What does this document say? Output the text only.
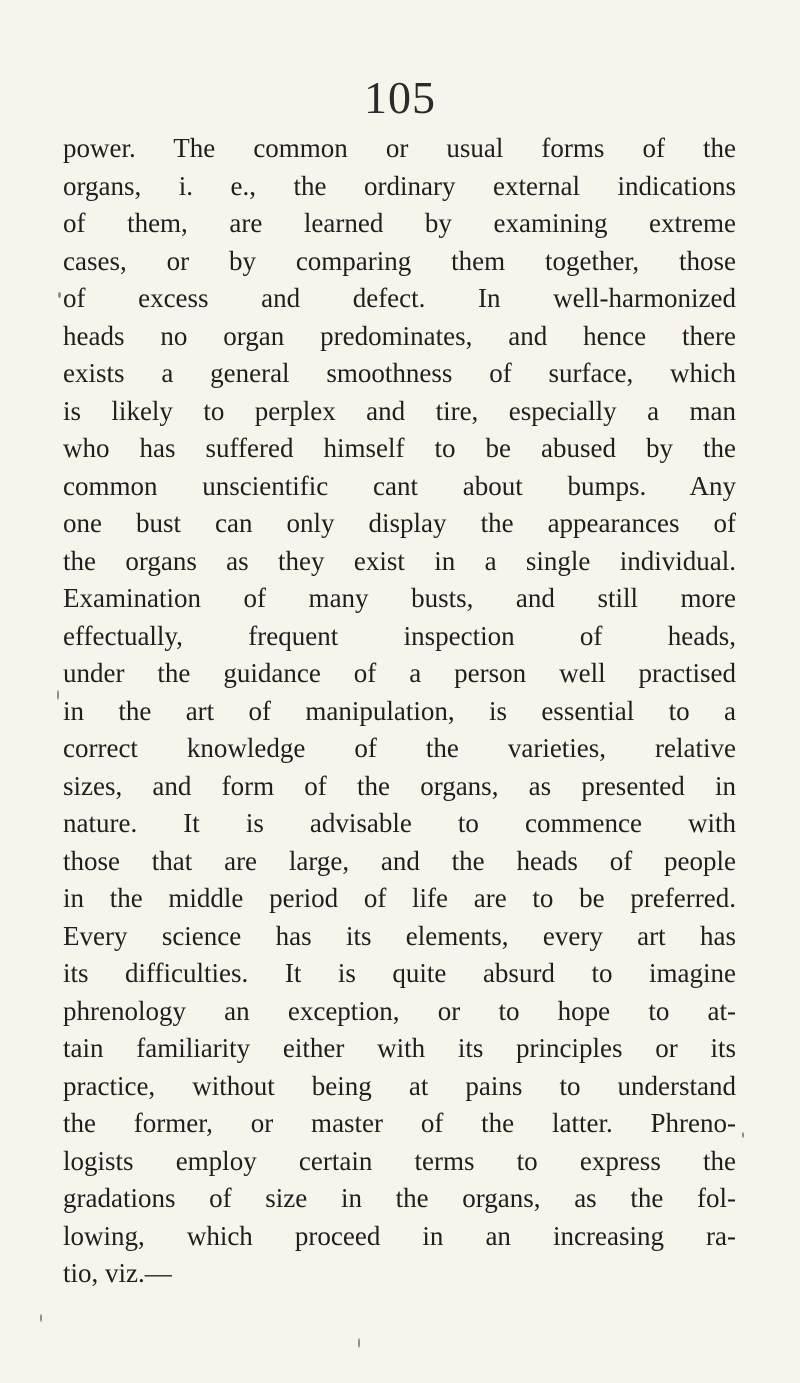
105
power. The common or usual forms of the
organs, i. e., the ordinary external indications
of them, are learned by examining extreme
cases, or by comparing them together, those
of excess and defect. In well-harmonized
heads no organ predominates, and hence there
exists a general smoothness of surface, which
is likely to perplex and tire, especially a man
who has suffered himself to be abused by the
common unscientific cant about bumps. Any
one bust can only display the appearances of
the organs as they exist in a single individual.
Examination of many busts, and still more
effectually, frequent inspection of heads,
under the guidance of a person well practised
in the art of manipulation, is essential to a
correct knowledge of the varieties, relative
sizes, and form of the organs, as presented in
nature. It is advisable to commence with
those that are large, and the heads of people
in the middle period of life are to be preferred.
Every science has its elements, every art has
its difficulties. It is quite absurd to imagine
phrenology an exception, or to hope to at-
tain familiarity either with its principles or its
practice, without being at pains to understand
the former, or master of the latter. Phreno-
logists employ certain terms to express the
gradations of size in the organs, as the fol-
lowing, which proceed in an increasing ra-
tio, viz.—
